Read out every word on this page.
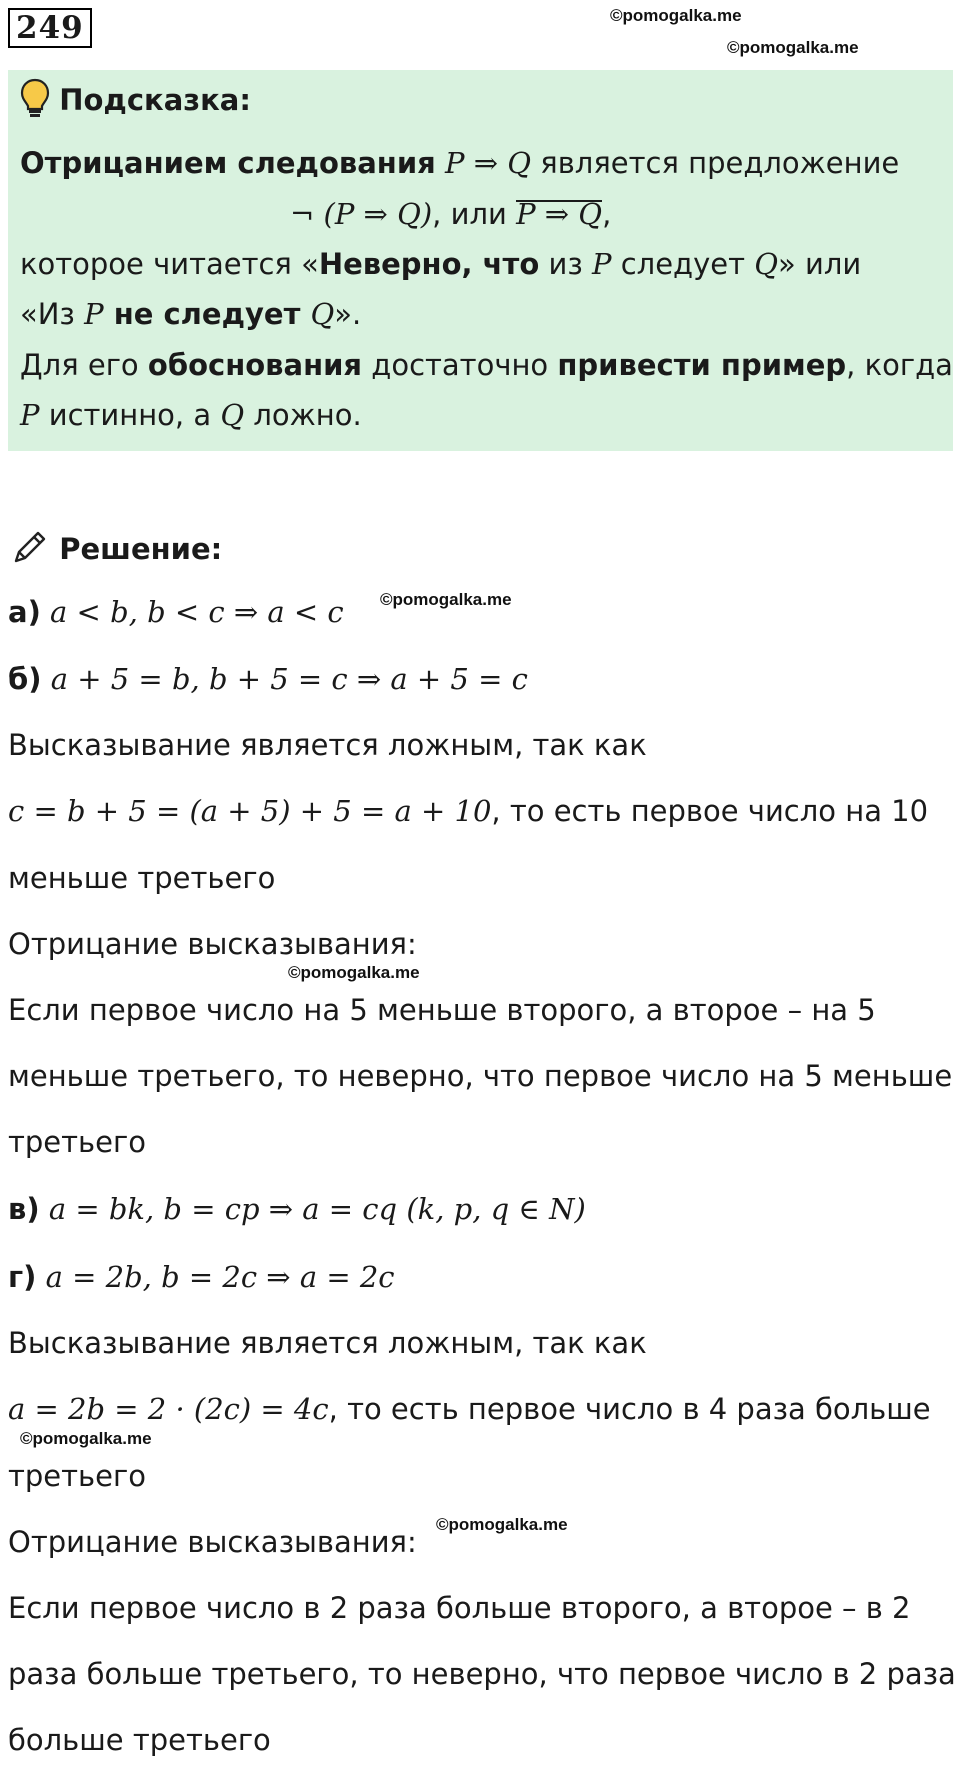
249	©pomogalka.me
©pomogalka.me
Подсказка:
Отрицанием следования P ⇒ Q является предложение
¬ (P ⇒ Q), или P ⇒ Q,
которое читается «Неверно, что из P следует Q» или
«Из P не следует Q».
Для его обоснования достаточно привести пример, когда
P истинно, а Q ложно.
Решение:
©pomogalka.me
а) a < b, b < c ⇒ a < c
б) a + 5 = b, b + 5 = c ⇒ a + 5 = c
Высказывание является ложным, так как
c = b + 5 = (a + 5) + 5 = a + 10, то есть первое число на 10
меньше третьего
Отрицание высказывания:
©pomogalka.me
Если первое число на 5 меньше второго, а второе – на 5
меньше третьего, то неверно, что первое число на 5 меньше
третьего
в) a = bk, b = cp ⇒ a = cq (k, p, q ∈ N)
г) a = 2b, b = 2c ⇒ a = 2c
Высказывание является ложным, так как
a = 2b = 2 · (2c) = 4c, то есть первое число в 4 раза больше
©pomogalka.me
третьего
©pomogalka.me
Отрицание высказывания:
Если первое число в 2 раза больше второго, а второе – в 2
раза больше третьего, то неверно, что первое число в 2 раза
больше третьего
